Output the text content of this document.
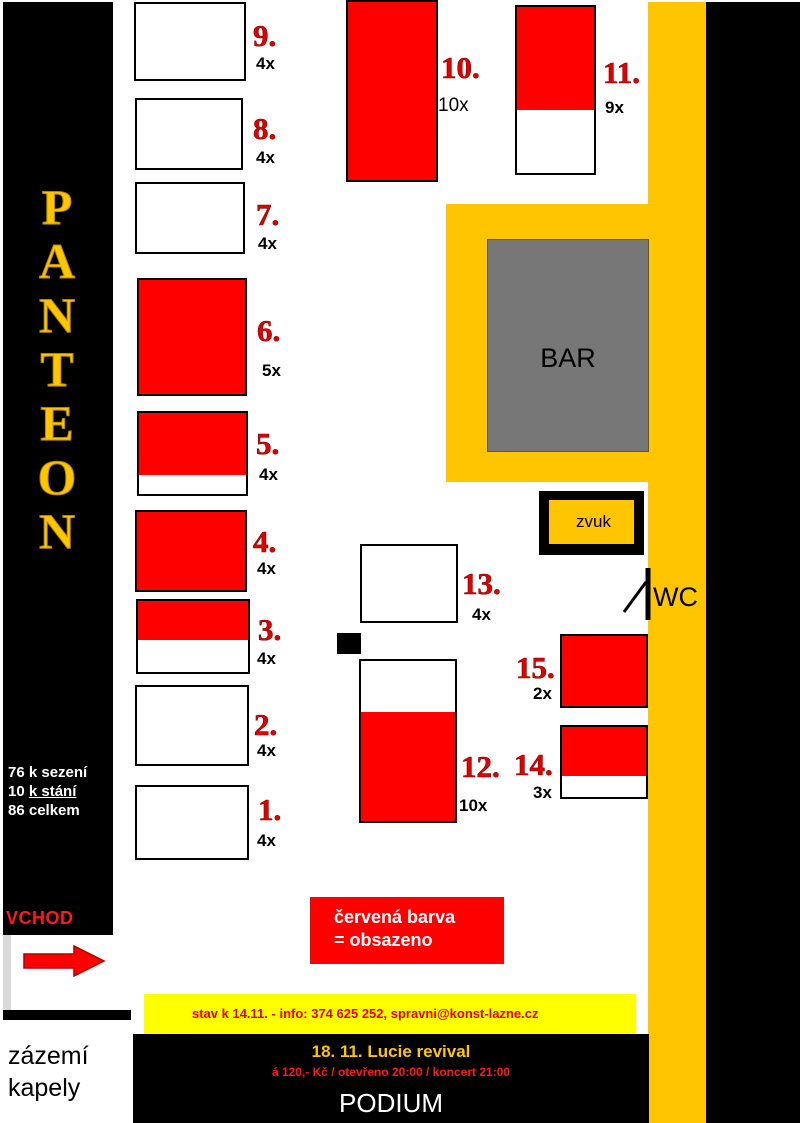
P
A
N
T
E
O
N
76 k sezení
10 k stání
86 celkem
VCHOD
zázemí
kapely
BAR
zvuk
WC
1.
4x
2.
4x
3.
4x
4.
4x
5.
4x
6.
5x
7.
4x
8.
4x
9.
4x	10.
10x
11.
9x
12.
10x
13.
4x
14.
3x
15.
2x
červená barva
= obsazeno
stav k 14.11. - info: 374 625 252, spravni@konst-lazne.cz
18. 11. Lucie revival
á 120,- Kč / otevřeno 20:00 / koncert 21:00
PODIUM
